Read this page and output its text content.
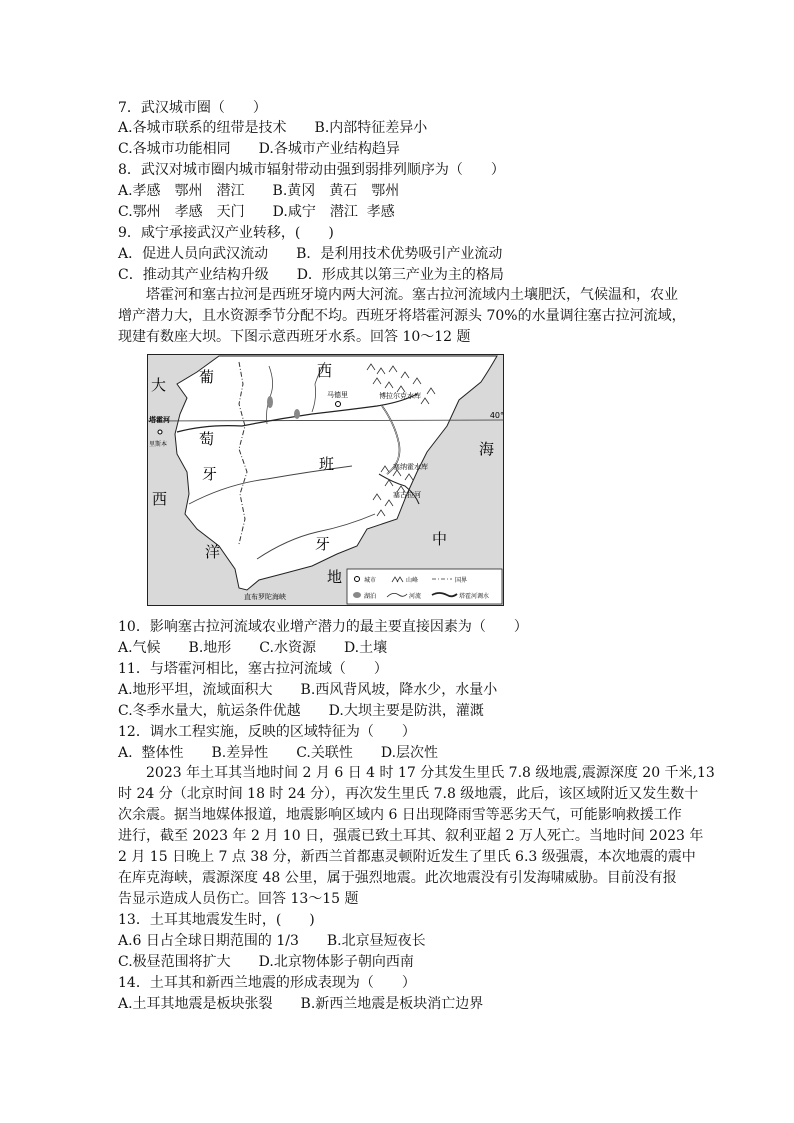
7．武汉城市圈（　　）
A.各城市联系的纽带是技术　　B.内部特征差异小
C.各城市功能相同　　D.各城市产业结构趋异
8．武汉对城市圈内城市辐射带动由强到弱排列顺序为（　　）
A.孝感　鄂州　潜江　　B.黄冈　黄石　鄂州
C.鄂州　孝感　天门　　D.咸宁　潜江  孝感
9．咸宁承接武汉产业转移，(　　)
A．促进人员向武汉流动　　B．是利用技术优势吸引产业流动
C．推动其产业结构升级　　D．形成其以第三产业为主的格局

　　塔霍河和塞古拉河是西班牙境内两大河流。塞古拉河流域内土壤肥沃，气候温和，农业

增产潜力大，且水资源季节分配不均。西班牙将塔霍河源头 70%的水量调往塞古拉河流域，

现建有数座大坝。下图示意西班牙水系。回答 10～12 题

大 葡
萄
牙
西
西
班
牙
洋
地
中
海
马德里	博拉尔克水库
塔霍河
里斯本
塞纳霍水库
塞古拉河
直布罗陀海峡
40°
城市	山峰	国界
湖泊	河流	塔霍河调水
10．影响塞古拉河流域农业增产潜力的最主要直接因素为（　　）
A.气候　　B.地形　　C.水资源　　D.土壤
11．与塔霍河相比，塞古拉河流域（　　）
A.地形平坦，流域面积大　　B.西风背风坡，降水少，水量小
C.冬季水量大，航运条件优越　　D.大坝主要是防洪，灌溉
12．调水工程实施，反映的区域特征为（　　）
A.  整体性　　B.差异性　　C.关联性　　D.层次性

　　2023 年土耳其当地时间 2 月 6 日 4 时 17 分其发生里氏 7.8 级地震,震源深度 20 千米,13

时 24 分（北京时间 18 时 24 分），再次发生里氏 7.8 级地震，此后，该区域附近又发生数十

次余震。据当地媒体报道，地震影响区域内 6 日出现降雨雪等恶劣天气，可能影响救援工作

进行，截至 2023 年 2 月 10 日，强震已致土耳其、叙利亚超 2 万人死亡。当地时间 2023 年

2 月 15 日晚上 7 点 38 分，新西兰首都惠灵顿附近发生了里氏 6.3 级强震，本次地震的震中

在库克海峡，震源深度 48 公里，属于强烈地震。此次地震没有引发海啸威胁。目前没有报

告显示造成人员伤亡。回答 13～15 题

13．土耳其地震发生时，(　　)
A.6 日占全球日期范围的 1/3　　B.北京昼短夜长
C.极昼范围将扩大　　D.北京物体影子朝向西南
14．土耳其和新西兰地震的形成表现为（　　）
A.土耳其地震是板块张裂　　B.新西兰地震是板块消亡边界
